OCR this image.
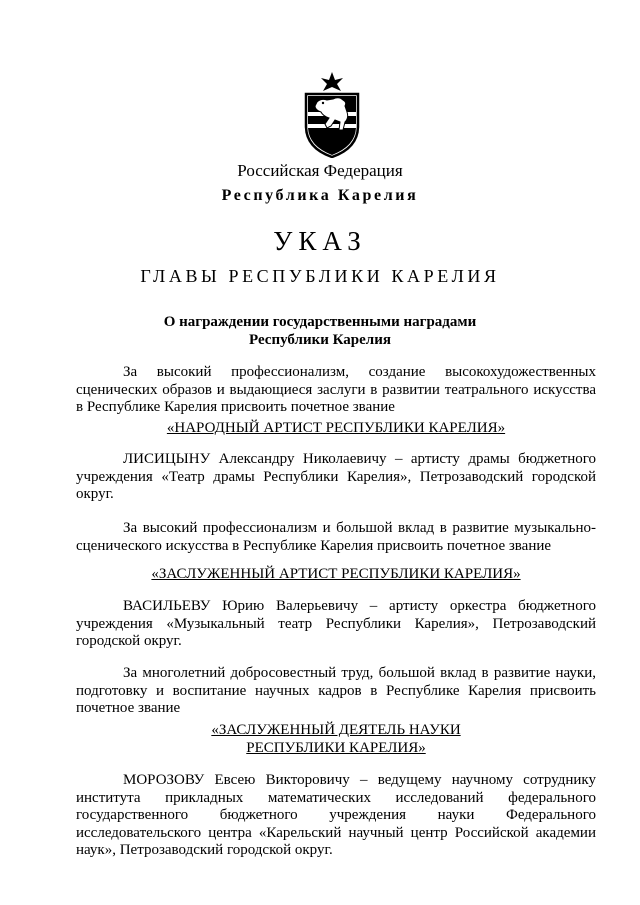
Российская Федерация
Республика Карелия
УКАЗ
ГЛАВЫ РЕСПУБЛИКИ КАРЕЛИЯ
О награждении государственными наградами
Республики Карелия

За высокий профессионализм, создание высокохудожественных сценических образов и выдающиеся заслуги в развитии театрального искусства в Республике Карелия присвоить почетное звание

«НАРОДНЫЙ АРТИСТ РЕСПУБЛИКИ КАРЕЛИЯ»

ЛИСИЦЫНУ Александру Николаевичу – артисту драмы бюджетного учреждения «Театр драмы Республики Карелия», Петрозаводский городской округ.

За высокий профессионализм и большой вклад в развитие музыкально-сценического искусства в Республике Карелия присвоить почетное звание

«ЗАСЛУЖЕННЫЙ АРТИСТ РЕСПУБЛИКИ КАРЕЛИЯ»

ВАСИЛЬЕВУ Юрию Валерьевичу – артисту оркестра бюджетного учреждения «Музыкальный театр Республики Карелия», Петрозаводский городской округ.

За многолетний добросовестный труд, большой вклад в развитие науки, подготовку и воспитание научных кадров в Республике Карелия присвоить почетное звание

«ЗАСЛУЖЕННЫЙ ДЕЯТЕЛЬ НАУКИ
РЕСПУБЛИКИ КАРЕЛИЯ»

МОРОЗОВУ Евсею Викторовичу – ведущему научному сотруднику института прикладных математических исследований федерального государственного бюджетного учреждения науки Федерального исследовательского центра «Карельский научный центр Российской академии наук», Петрозаводский городской округ.
